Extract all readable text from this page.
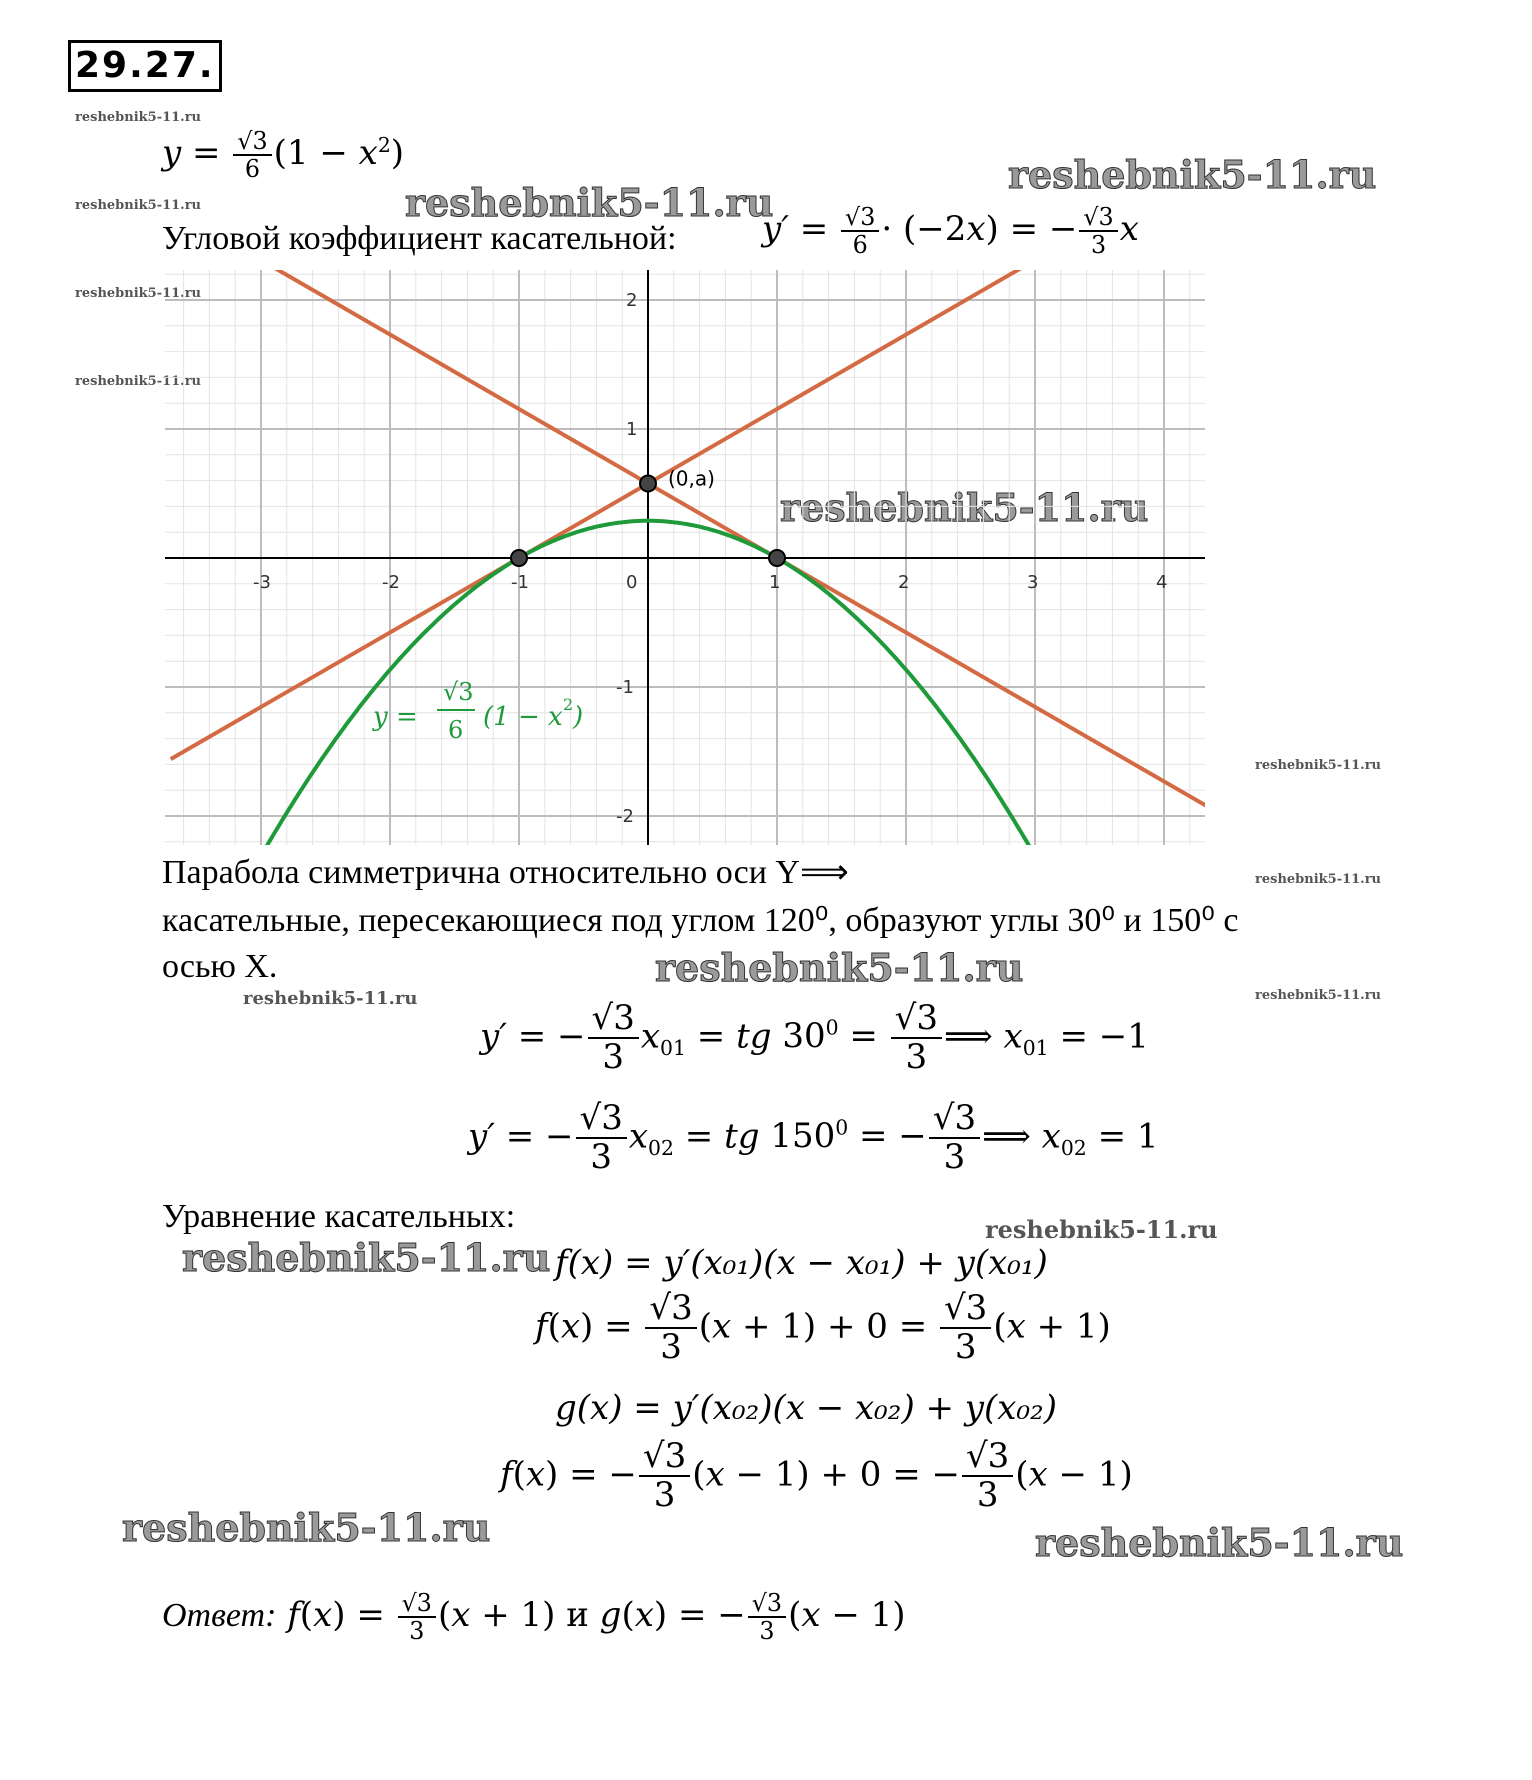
29.27.
reshebnik5-11.ru
reshebnik5-11.ru
reshebnik5-11.ru
reshebnik5-11.ru
reshebnik5-11.ru
reshebnik5-11.ru
reshebnik5-11.ru
reshebnik5-11.ru
reshebnik5-11.ru
reshebnik5-11.ru
reshebnik5-11.ru
reshebnik5-11.ru
reshebnik5-11.ru
reshebnik5-11.ru
reshebnik5-11.ru	reshebnik5-11.ru
$y = \frac{√3}{6} (1 - x^2)$
Угловой коэффициент касательной:	$y' = \frac{√3}{6} \cdot (-2x)$ = − $\frac{√3}{3}$ x
-3	-2	-1	0	1	2	3	4
2
1
-1
-2
(0,a)
y =
√3
6 (1 − x 2 )
Парабола симметрична относительно оси Y⟹
касательные, пересекающиеся под углом 120⁰, образуют углы 30⁰ и 150⁰ с
осью X.
y′ = − $\frac{√3}{3} x_{01}$ = tg $30^0 = \frac{√3}{3}$ ⟹ $x_{01} = -1$
y′ = − $\frac{√3}{3} x_{02}$ = tg $150^0$ = − $\frac{√3}{3}$ ⟹ $x_{02} = 1$
Уравнение касательных:
f(x) = y′(x₀₁)(x − x₀₁) + y(x₀₁)
$f(x) = \frac{√3}{3} (x + 1) + 0 = \frac{√3}{3} (x + 1)$
g(x) = y′(x₀₂)(x − x₀₂) + y(x₀₂)
f(x) = − $\frac{√3}{3} (x - 1) + 0$ = − $\frac{√3}{3} (x - 1)$
Ответ: $f(x) = \frac{√3}{3} (x + 1)$ и g(x) = − $\frac{√3}{3} (x - 1)$
